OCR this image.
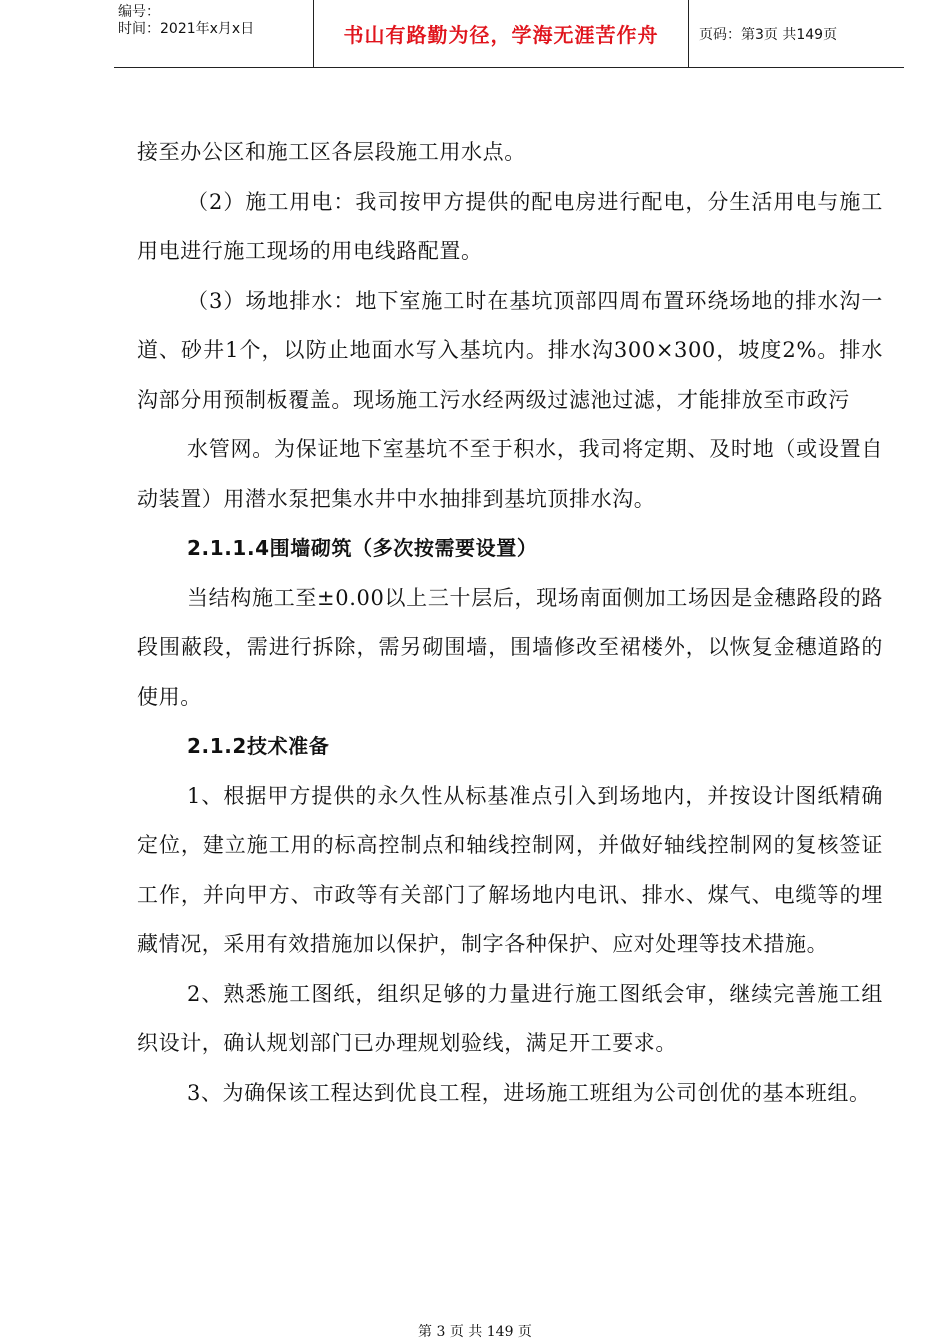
编号：
时间：2021年x月x日	书山有路勤为径，学海无涯苦作舟	页码：第3页 共149页

接至办公区和施工区各层段施工用水点。

（2）施工用电：我司按甲方提供的配电房进行配电，分生活用电与施工用电进行施工现场的用电线路配置。

（3）场地排水：地下室施工时在基坑顶部四周布置环绕场地的排水沟一道、砂井1个，以防止地面水写入基坑内。排水沟300×300，坡度2%。排水沟部分用预制板覆盖。现场施工污水经两级过滤池过滤，才能排放至市政污

水管网。为保证地下室基坑不至于积水，我司将定期、及时地（或设置自动装置）用潜水泵把集水井中水抽排到基坑顶排水沟。

2.1.1.4围墙砌筑（多次按需要设置）

当结构施工至±0.00以上三十层后，现场南面侧加工场因是金穗路段的路段围蔽段，需进行拆除，需另砌围墙，围墙修改至裙楼外，以恢复金穗道路的使用。

2.1.2技术准备

1、根据甲方提供的永久性从标基准点引入到场地内，并按设计图纸精确定位，建立施工用的标高控制点和轴线控制网，并做好轴线控制网的复核签证工作，并向甲方、市政等有关部门了解场地内电讯、排水、煤气、电缆等的埋藏情况，采用有效措施加以保护，制字各种保护、应对处理等技术措施。

2、熟悉施工图纸，组织足够的力量进行施工图纸会审，继续完善施工组织设计，确认规划部门已办理规划验线，满足开工要求。

3、为确保该工程达到优良工程，进场施工班组为公司创优的基本班组。

第 3 页 共 149 页
